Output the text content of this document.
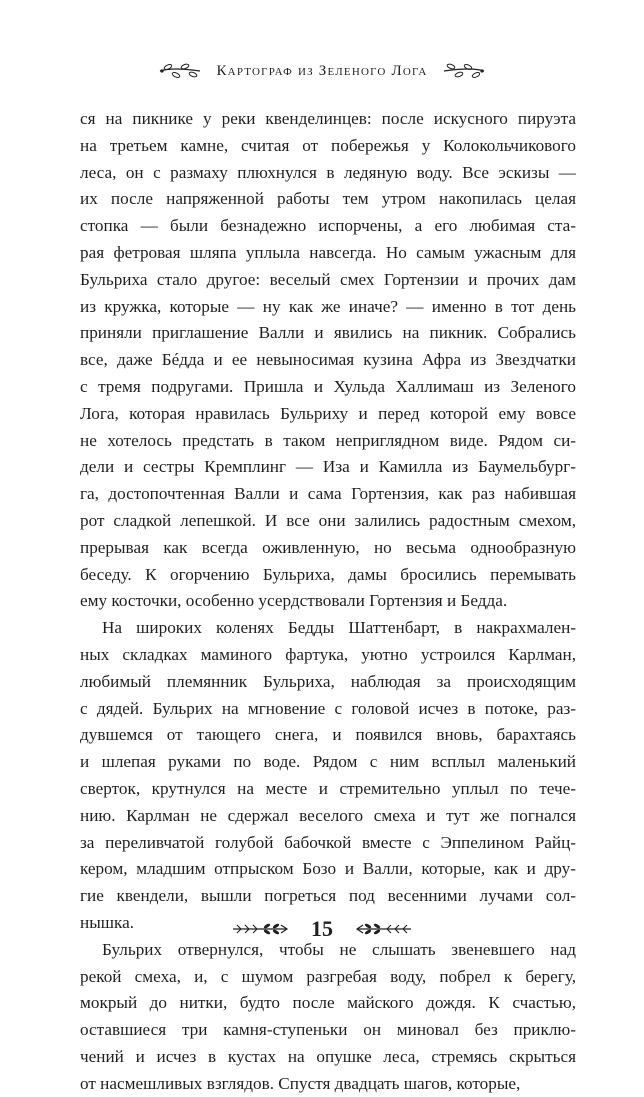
Картограф из Зеленого Лога
ся на пикнике у реки квенделинцев: после искусного пируэта
на третьем камне, считая от побережья у Колокольчикового
леса, он с размаху плюхнулся в ледяную воду. Все эскизы —
их после напряженной работы тем утром накопилась целая
стопка — были безнадежно испорчены, а его любимая ста-
рая фетровая шляпа уплыла навсегда. Но самым ужасным для
Бульриха стало другое: веселый смех Гортензии и прочих дам
из кружка, которые — ну как же иначе? — именно в тот день
приняли приглашение Валли и явились на пикник. Собрались
все, даже Бéдда и ее невыносимая кузина Афра из Звездчатки
с тремя подругами. Пришла и Хульда Халлимаш из Зеленого
Лога, которая нравилась Бульриху и перед которой ему вовсе
не хотелось предстать в таком неприглядном виде. Рядом си-
дели и сестры Кремплинг — Иза и Камилла из Баумельбург-
га, достопочтенная Валли и сама Гортензия, как раз набившая
рот сладкой лепешкой. И все они залились радостным смехом,
прерывая как всегда оживленную, но весьма однообразную
беседу. К огорчению Бульриха, дамы бросились перемывать
ему косточки, особенно усердствовали Гортензия и Бедда.
На широких коленях Бедды Шаттенбарт, в накрахмален-
ных складках маминого фартука, уютно устроился Карлман,
любимый племянник Бульриха, наблюдая за происходящим
с дядей. Бульрих на мгновение с головой исчез в потоке, раз-
дувшемся от тающего снега, и появился вновь, барахтаясь
и шлепая руками по воде. Рядом с ним всплыл маленький
сверток, крутнулся на месте и стремительно уплыл по тече-
нию. Карлман не сдержал веселого смеха и тут же погнался
за переливчатой голубой бабочкой вместе с Эппелином Райц-
кером, младшим отпрыском Бозо и Валли, которые, как и дру-
гие квендели, вышли погреться под весенними лучами сол-
нышка.
Бульрих отвернулся, чтобы не слышать звеневшего над
рекой смеха, и, с шумом разгребая воду, побрел к берегу,
мокрый до нитки, будто после майского дождя. К счастью,
оставшиеся три камня-ступеньки он миновал без приклю-
чений и исчез в кустах на опушке леса, стремясь скрыться
от насмешливых взглядов. Спустя двадцать шагов, которые,
15
